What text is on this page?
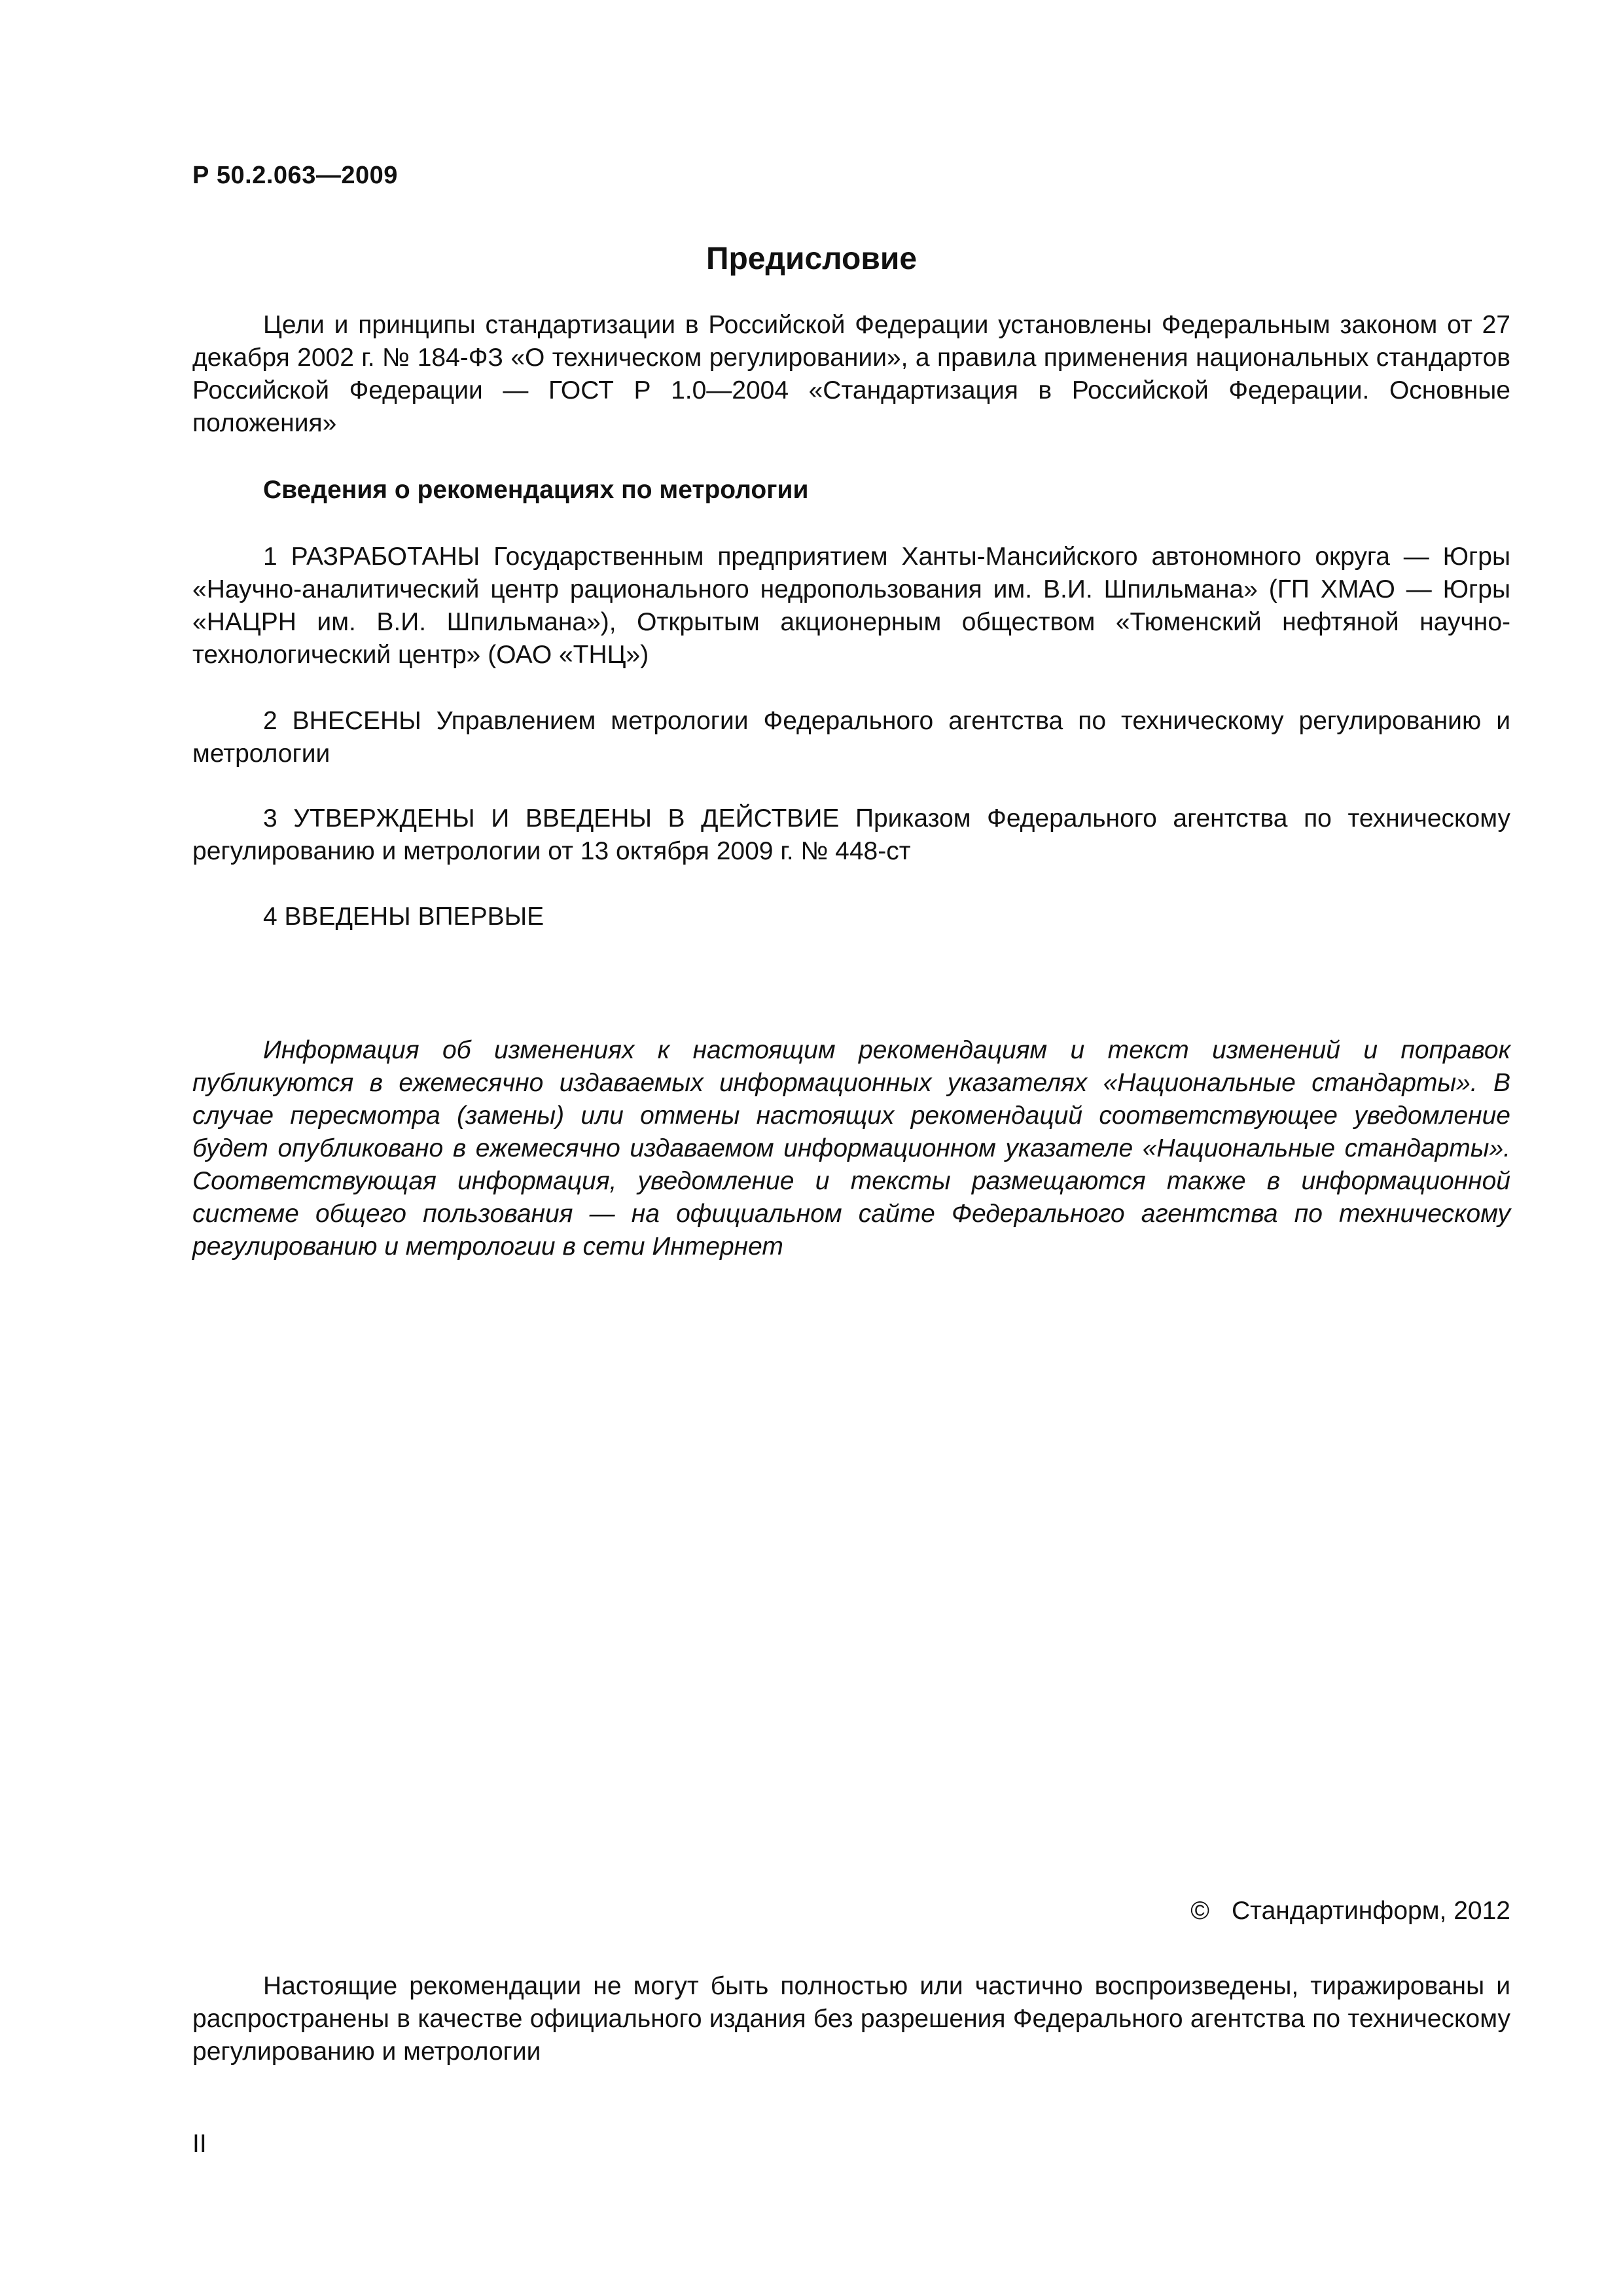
Р 50.2.063—2009
Предисловие

Цели и принципы стандартизации в Российской Федерации установлены Федеральным законом от 27 декабря 2002 г. № 184-ФЗ «О техническом регулировании», а правила применения национальных стандартов Российской Федерации — ГОСТ Р 1.0—2004 «Стандартизация в Российской Федерации. Основные положения»

Сведения о рекомендациях по метрологии

1 РАЗРАБОТАНЫ Государственным предприятием Ханты-Мансийского автономного округа — Югры «Научно-аналитический центр рационального недропользования им. В.И. Шпильмана» (ГП ХМАО — Югры «НАЦРН им. В.И. Шпильмана»), Открытым акционерным обществом «Тюменский нефтяной научно-технологический центр» (ОАО «ТНЦ»)

2 ВНЕСЕНЫ Управлением метрологии Федерального агентства по техническому регулированию и метрологии

3 УТВЕРЖДЕНЫ И ВВЕДЕНЫ В ДЕЙСТВИЕ Приказом Федерального агентства по техническому регулированию и метрологии от 13 октября 2009 г. № 448-ст

4 ВВЕДЕНЫ ВПЕРВЫЕ

Информация об изменениях к настоящим рекомендациям и текст изменений и поправок публикуются в ежемесячно издаваемых информационных указателях «Национальные стандарты». В случае пересмотра (замены) или отмены настоящих рекомендаций соответствующее уведомление будет опубликовано в ежемесячно издаваемом информационном указателе «Национальные стандарты». Соответствующая информация, уведомление и тексты размещаются также в информационной системе общего пользования — на официальном сайте Федерального агентства по техническому регулированию и метрологии в сети Интернет

© Стандартинформ, 2012

Настоящие рекомендации не могут быть полностью или частично воспроизведены, тиражированы и распространены в качестве официального издания без разрешения Федерального агентства по техническому регулированию и метрологии

II
